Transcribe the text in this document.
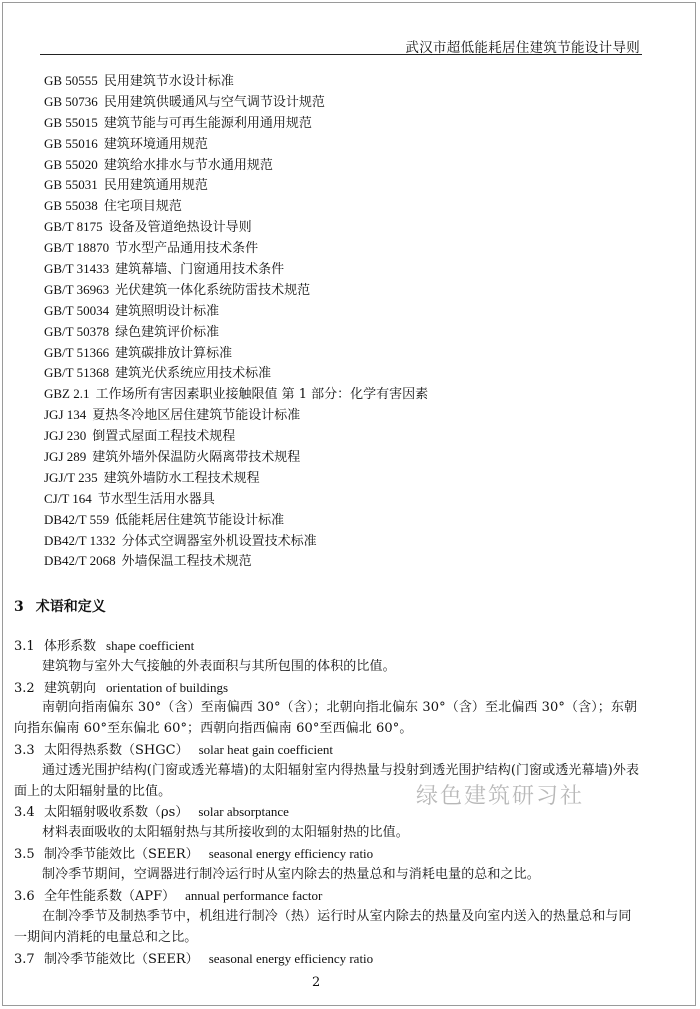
武汉市超低能耗居住建筑节能设计导则
GB 50555 民用建筑节水设计标准
GB 50736 民用建筑供暖通风与空气调节设计规范
GB 55015 建筑节能与可再生能源利用通用规范
GB 55016 建筑环境通用规范
GB 55020 建筑给水排水与节水通用规范
GB 55031 民用建筑通用规范
GB 55038 住宅项目规范
GB/T 8175 设备及管道绝热设计导则
GB/T 18870 节水型产品通用技术条件
GB/T 31433 建筑幕墙、门窗通用技术条件
GB/T 36963 光伏建筑一体化系统防雷技术规范
GB/T 50034 建筑照明设计标准
GB/T 50378 绿色建筑评价标准
GB/T 51366 建筑碳排放计算标准
GB/T 51368 建筑光伏系统应用技术标准
GBZ 2.1 工作场所有害因素职业接触限值 第 1 部分：化学有害因素
JGJ 134 夏热冬冷地区居住建筑节能设计标准
JGJ 230 倒置式屋面工程技术规程
JGJ 289 建筑外墙外保温防火隔离带技术规程
JGJ/T 235 建筑外墙防水工程技术规程
CJ/T 164 节水型生活用水器具
DB42/T 559 低能耗居住建筑节能设计标准
DB42/T 1332 分体式空调器室外机设置技术标准
DB42/T 2068 外墙保温工程技术规范
3 术语和定义
3.1 体形系数 shape coefficient
建筑物与室外大气接触的外表面积与其所包围的体积的比值。
3.2 建筑朝向 orientation of buildings
南朝向指南偏东 30°（含）至南偏西 30°（含）；北朝向指北偏东 30°（含）至北偏西 30°（含）；东朝向指东偏南 60°至东偏北 60°；西朝向指西偏南 60°至西偏北 60°。
3.3 太阳得热系数（SHGC） solar heat gain coefficient
通过透光围护结构(门窗或透光幕墙)的太阳辐射室内得热量与投射到透光围护结构(门窗或透光幕墙)外表面上的太阳辐射量的比值。
3.4 太阳辐射吸收系数（ρs） solar absorptance
材料表面吸收的太阳辐射热与其所接收到的太阳辐射热的比值。
3.5 制冷季节能效比（SEER） seasonal energy efficiency ratio
制冷季节期间，空调器进行制冷运行时从室内除去的热量总和与消耗电量的总和之比。
3.6 全年性能系数（APF） annual performance factor
在制冷季节及制热季节中，机组进行制冷（热）运行时从室内除去的热量及向室内送入的热量总和与同一期间内消耗的电量总和之比。
3.7 制冷季节能效比（SEER） seasonal energy efficiency ratio
绿色建筑研习社
2
